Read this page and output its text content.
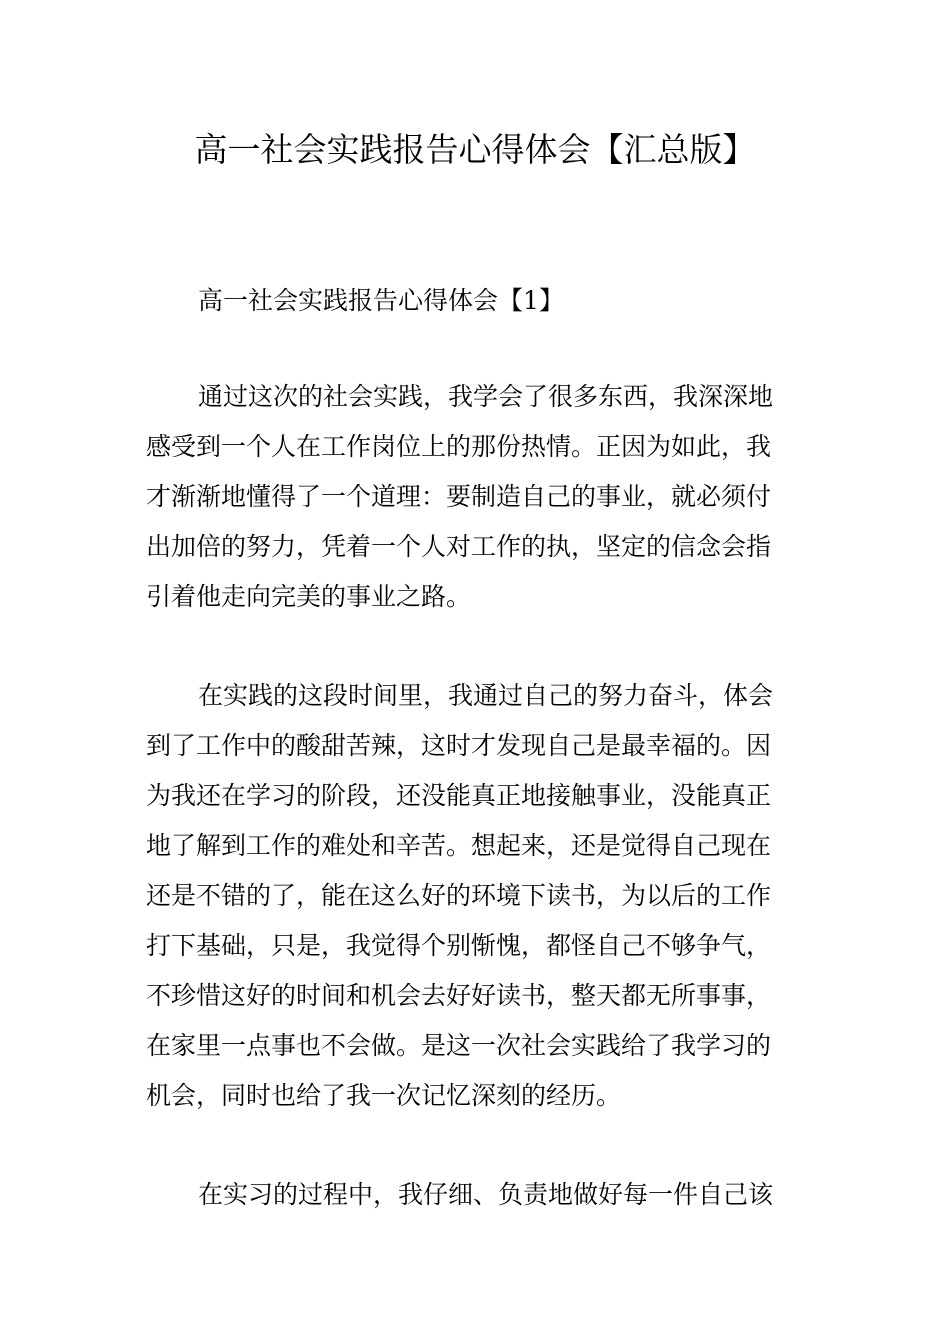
高一社会实践报告心得体会【汇总版】
高一社会实践报告心得体会【1】

通过这次的社会实践，我学会了很多东西，我深深地
感受到一个人在工作岗位上的那份热情。正因为如此，我
才渐渐地懂得了一个道理：要制造自己的事业，就必须付
出加倍的努力，凭着一个人对工作的执，坚定的信念会指
引着他走向完美的事业之路。

在实践的这段时间里，我通过自己的努力奋斗，体会
到了工作中的酸甜苦辣，这时才发现自己是最幸福的。因
为我还在学习的阶段，还没能真正地接触事业，没能真正
地了解到工作的难处和辛苦。想起来，还是觉得自己现在
还是不错的了，能在这么好的环境下读书，为以后的工作
打下基础，只是，我觉得个别惭愧，都怪自己不够争气，
不珍惜这好的时间和机会去好好读书，整天都无所事事，
在家里一点事也不会做。是这一次社会实践给了我学习的
机会，同时也给了我一次记忆深刻的经历。

在实习的过程中，我仔细、负责地做好每一件自己该
